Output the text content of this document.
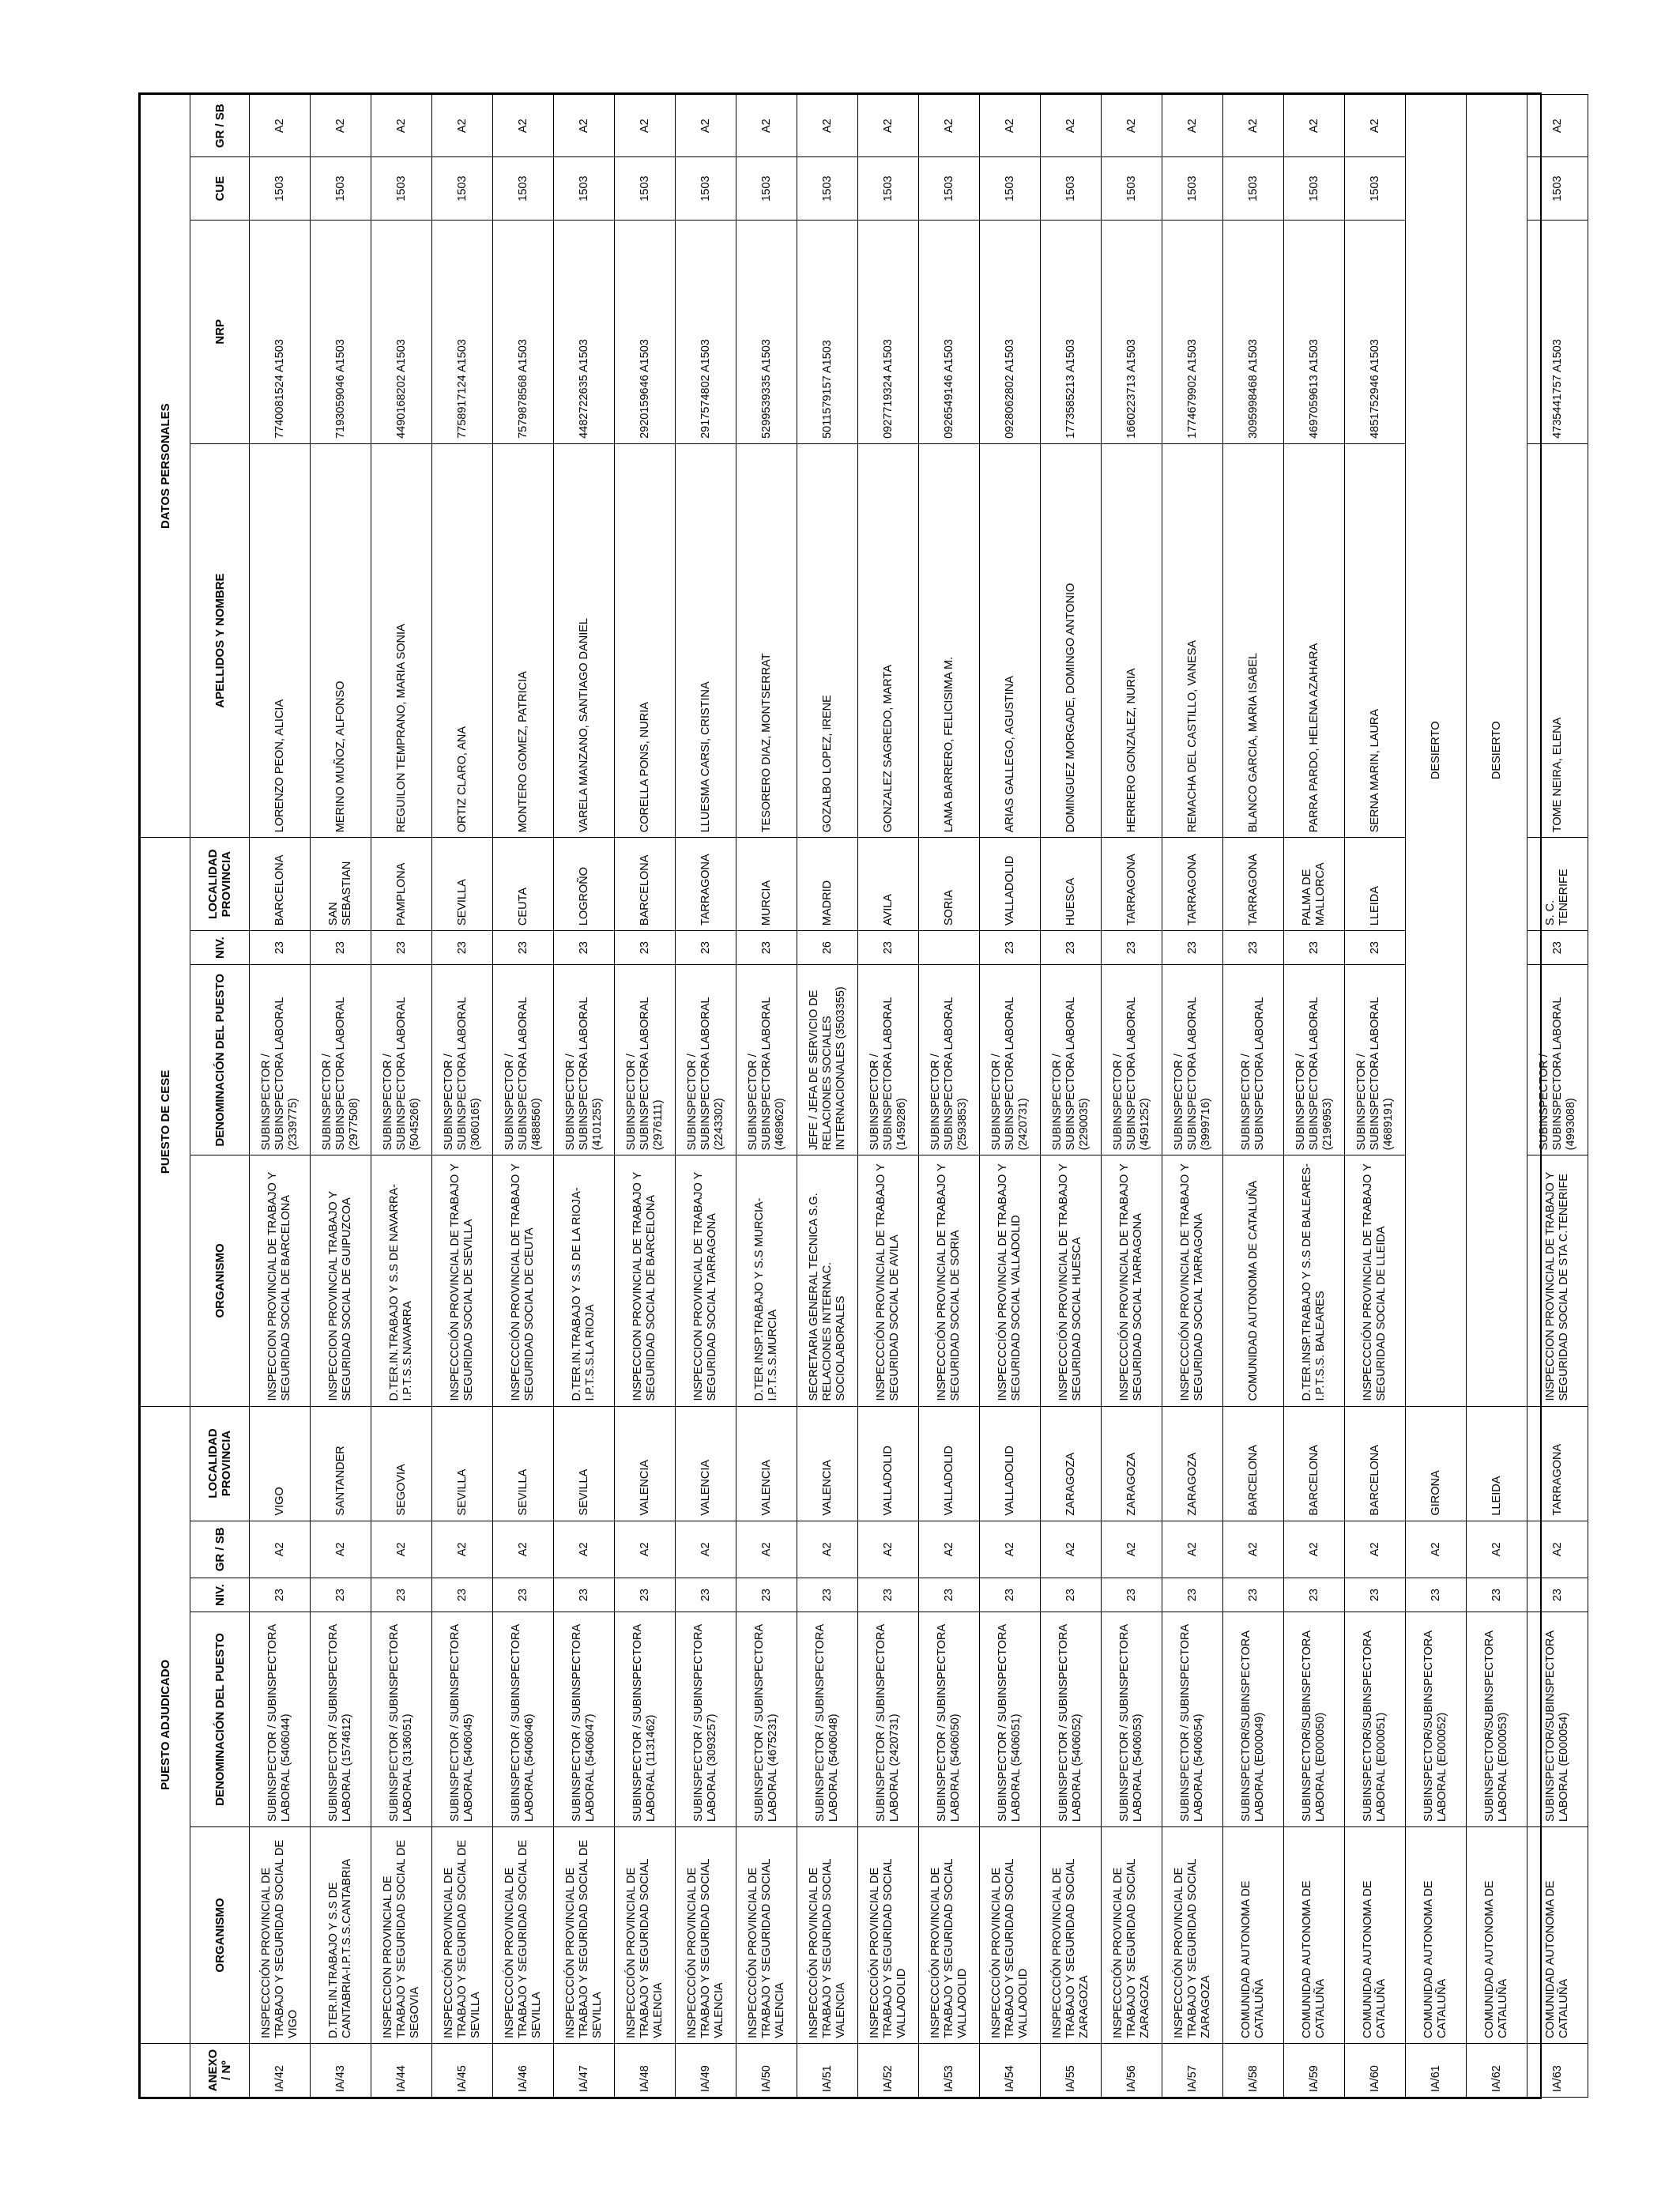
	PUESTO ADJUDICADO					PUESTO DE CESE				DATOS PERSONALES			
ANEXO / Nº	ORGANISMO	DENOMINACIÓN DEL PUESTO	NIV.	GR / SB	LOCALIDAD PROVINCIA	ORGANISMO	DENOMINACIÓN DEL PUESTO	NIV.	LOCALIDAD PROVINCIA	APELLIDOS Y NOMBRE	NRP	CUE	GR / SB
IA/42	INSPECCCIÓN PROVINCIAL DE TRABAJO Y SEGURIDAD SOCIAL DE VIGO	SUBINSPECTOR / SUBINSPECTORA LABORAL (5406044)	23	A2	VIGO	INSPECCION PROVINCIAL DE TRABAJO Y SEGURIDAD SOCIAL DE BARCELONA	SUBINSPECTOR / SUBINSPECTORA LABORAL (2339775)	23	BARCELONA	LORENZO PEON, ALICIA	7740081524 A1503	1503	A2
IA/43	D.TER.IN.TRABAJO Y S.S DE CANTABRIA-I.P.T.S.S.CANTABRIA	SUBINSPECTOR / SUBINSPECTORA LABORAL (1574612)	23	A2	SANTANDER	INSPECCION PROVINCIAL TRABAJO Y SEGURIDAD SOCIAL DE GUIPUZCOA	SUBINSPECTOR / SUBINSPECTORA LABORAL (2977508)	23	SAN SEBASTIAN	MERINO MUÑOZ, ALFONSO	7193059046 A1503	1503	A2
IA/44	INSPECCION PROVINCIAL DE TRABAJO Y SEGURIDAD SOCIAL DE SEGOVIA	SUBINSPECTOR / SUBINSPECTORA LABORAL (3136051)	23	A2	SEGOVIA	D.TER.IN.TRABAJO Y S.S DE NAVARRA-I.P.T.S.S.NAVARRA	SUBINSPECTOR / SUBINSPECTORA LABORAL (5045266)	23	PAMPLONA	REGUILON TEMPRANO, MARIA SONIA	4490168202 A1503	1503	A2
IA/45	INSPECCCIÓN PROVINCIAL DE TRABAJO Y SEGURIDAD SOCIAL DE SEVILLA	SUBINSPECTOR / SUBINSPECTORA LABORAL (5406045)	23	A2	SEVILLA	INSPECCCIÓN PROVINCIAL DE TRABAJO Y SEGURIDAD SOCIAL DE SEVILLA	SUBINSPECTOR / SUBINSPECTORA LABORAL (3060165)	23	SEVILLA	ORTIZ CLARO, ANA	7758917124 A1503	1503	A2
IA/46	INSPECCCIÓN PROVINCIAL DE TRABAJO Y SEGURIDAD SOCIAL DE SEVILLA	SUBINSPECTOR / SUBINSPECTORA LABORAL (5406046)	23	A2	SEVILLA	INSPECCCIÓN PROVINCIAL DE TRABAJO Y SEGURIDAD SOCIAL DE CEUTA	SUBINSPECTOR / SUBINSPECTORA LABORAL (4888560)	23	CEUTA	MONTERO GOMEZ, PATRICIA	7579878568 A1503	1503	A2
IA/47	INSPECCCIÓN PROVINCIAL DE TRABAJO Y SEGURIDAD SOCIAL DE SEVILLA	SUBINSPECTOR / SUBINSPECTORA LABORAL (5406047)	23	A2	SEVILLA	D.TER.IN.TRABAJO Y S.S DE LA RIOJA-I.P.T.S.S.LA RIOJA	SUBINSPECTOR / SUBINSPECTORA LABORAL (4101255)	23	LOGROÑO	VARELA MANZANO, SANTIAGO DANIEL	4482722635 A1503	1503	A2
IA/48	INSPECCCIÓN PROVINCIAL DE TRABAJO Y SEGURIDAD SOCIAL VALENCIA	SUBINSPECTOR / SUBINSPECTORA LABORAL (1131462)	23	A2	VALENCIA	INSPECCION PROVINCIAL DE TRABAJO Y SEGURIDAD SOCIAL DE BARCELONA	SUBINSPECTOR / SUBINSPECTORA LABORAL (2976111)	23	BARCELONA	CORELLA PONS, NURIA	2920159646 A1503	1503	A2
IA/49	INSPECCCIÓN PROVINCIAL DE TRABAJO Y SEGURIDAD SOCIAL VALENCIA	SUBINSPECTOR / SUBINSPECTORA LABORAL (3093257)	23	A2	VALENCIA	INSPECCION PROVINCIAL DE TRABAJO Y SEGURIDAD SOCIAL TARRAGONA	SUBINSPECTOR / SUBINSPECTORA LABORAL (2243302)	23	TARRAGONA	LLUESMA CARSI, CRISTINA	2917574802 A1503	1503	A2
IA/50	INSPECCCIÓN PROVINCIAL DE TRABAJO Y SEGURIDAD SOCIAL VALENCIA	SUBINSPECTOR / SUBINSPECTORA LABORAL (4675231)	23	A2	VALENCIA	D.TER.INSP.TRABAJO Y S.S MURCIA-I.P.T.S.S.MURCIA	SUBINSPECTOR / SUBINSPECTORA LABORAL (4689620)	23	MURCIA	TESORERO DIAZ, MONTSERRAT	5299539335 A1503	1503	A2
IA/51	INSPECCCIÓN PROVINCIAL DE TRABAJO Y SEGURIDAD SOCIAL VALENCIA	SUBINSPECTOR / SUBINSPECTORA LABORAL (5406048)	23	A2	VALENCIA	SECRETARIA GENERAL TECNICA S.G. RELACIONES INTERNAC. SOCIOLABORALES	JEFE / JEFA DE SERVICIO DE RELACIONES SOCIALES INTERNACIONALES (3503355)	26	MADRID	GOZALBO LOPEZ, IRENE	5011579157 A1503	1503	A2
IA/52	INSPECCCIÓN PROVINCIAL DE TRABAJO Y SEGURIDAD SOCIAL VALLADOLID	SUBINSPECTOR / SUBINSPECTORA LABORAL (2420731)	23	A2	VALLADOLID	INSPECCCIÓN PROVINCIAL DE TRABAJO Y SEGURIDAD SOCIAL DE AVILA	SUBINSPECTOR / SUBINSPECTORA LABORAL (1459286)	23	AVILA	GONZALEZ SAGREDO, MARTA	0927719324 A1503	1503	A2
IA/53	INSPECCCIÓN PROVINCIAL DE TRABAJO Y SEGURIDAD SOCIAL VALLADOLID	SUBINSPECTOR / SUBINSPECTORA LABORAL (5406050)	23	A2	VALLADOLID	INSPECCCIÓN PROVINCIAL DE TRABAJO Y SEGURIDAD SOCIAL DE SORIA	SUBINSPECTOR / SUBINSPECTORA LABORAL (2593853)		SORIA	LAMA BARRERO, FELICISIMA M.	0926549146 A1503	1503	A2
IA/54	INSPECCCIÓN PROVINCIAL DE TRABAJO Y SEGURIDAD SOCIAL VALLADOLID	SUBINSPECTOR / SUBINSPECTORA LABORAL (5406051)	23	A2	VALLADOLID	INSPECCCIÓN PROVINCIAL DE TRABAJO Y SEGURIDAD SOCIAL VALLADOLID	SUBINSPECTOR / SUBINSPECTORA LABORAL (2420731)	23	VALLADOLID	ARIAS GALLEGO, AGUSTINA	0928062802 A1503	1503	A2
IA/55	INSPECCCIÓN PROVINCIAL DE TRABAJO Y SEGURIDAD SOCIAL ZARAGOZA	SUBINSPECTOR / SUBINSPECTORA LABORAL (5406052)	23	A2	ZARAGOZA	INSPECCCIÓN PROVINCIAL DE TRABAJO Y SEGURIDAD SOCIAL HUESCA	SUBINSPECTOR / SUBINSPECTORA LABORAL (2290035)	23	HUESCA	DOMINGUEZ MORGADE, DOMINGO ANTONIO	1773585213 A1503	1503	A2
IA/56	INSPECCCIÓN PROVINCIAL DE TRABAJO Y SEGURIDAD SOCIAL ZARAGOZA	SUBINSPECTOR / SUBINSPECTORA LABORAL (5406053)	23	A2	ZARAGOZA	INSPECCCIÓN PROVINCIAL DE TRABAJO Y SEGURIDAD SOCIAL TARRAGONA	SUBINSPECTOR / SUBINSPECTORA LABORAL (4591252)	23	TARRAGONA	HERRERO GONZALEZ, NURIA	1660223713 A1503	1503	A2
IA/57	INSPECCCIÓN PROVINCIAL DE TRABAJO Y SEGURIDAD SOCIAL ZARAGOZA	SUBINSPECTOR / SUBINSPECTORA LABORAL (5406054)	23	A2	ZARAGOZA	INSPECCCIÓN PROVINCIAL DE TRABAJO Y SEGURIDAD SOCIAL TARRAGONA	SUBINSPECTOR / SUBINSPECTORA LABORAL (3999716)	23	TARRAGONA	REMACHA DEL CASTILLO, VANESA	1774679902 A1503	1503	A2
IA/58	COMUNIDAD AUTONOMA DE CATALUÑA	SUBINSPECTOR/SUBINSPECTORA LABORAL (E000049)	23	A2	BARCELONA	COMUNIDAD AUTONOMA DE CATALUÑA	SUBINSPECTOR / SUBINSPECTORA LABORAL	23	TARRAGONA	BLANCO GARCIA, MARIA ISABEL	3095998468 A1503	1503	A2
IA/59	COMUNIDAD AUTONOMA DE CATALUÑA	SUBINSPECTOR/SUBINSPECTORA LABORAL (E000050)	23	A2	BARCELONA	D.TER.INSP.TRABAJO Y S.S DE BALEARES-I.P.T.S.S. BALEARES	SUBINSPECTOR / SUBINSPECTORA LABORAL (2196953)	23	PALMA DE MALLORCA	PARRA PARDO, HELENA AZAHARA	4697059613 A1503	1503	A2
IA/60	COMUNIDAD AUTONOMA DE CATALUÑA	SUBINSPECTOR/SUBINSPECTORA LABORAL (E000051)	23	A2	BARCELONA	INSPECCCIÓN PROVINCIAL DE TRABAJO Y SEGURIDAD SOCIAL DE LLEIDA	SUBINSPECTOR / SUBINSPECTORA LABORAL (4689191)	23	LLEIDA	SERNA MARIN, LAURA	4851752946 A1503	1503	A2
IA/61	COMUNIDAD AUTONOMA DE CATALUÑA	SUBINSPECTOR/SUBINSPECTORA LABORAL (E000052)	23	A2	GIRONA	DESIERTO							
IA/62	COMUNIDAD AUTONOMA DE CATALUÑA	SUBINSPECTOR/SUBINSPECTORA LABORAL (E000053)	23	A2	LLEIDA	DESIERTO							
IA/63	COMUNIDAD AUTONOMA DE CATALUÑA	SUBINSPECTOR/SUBINSPECTORA LABORAL (E000054)	23	A2	TARRAGONA	INSPECCION PROVINCIAL DE TRABAJO Y SEGURIDAD SOCIAL DE STA C.TENERIFE	SUBINSPECTOR / SUBINSPECTORA LABORAL (4993088)	23	S. C. TENERIFE	TOME NEIRA, ELENA	4735441757 A1503	1503	A2
